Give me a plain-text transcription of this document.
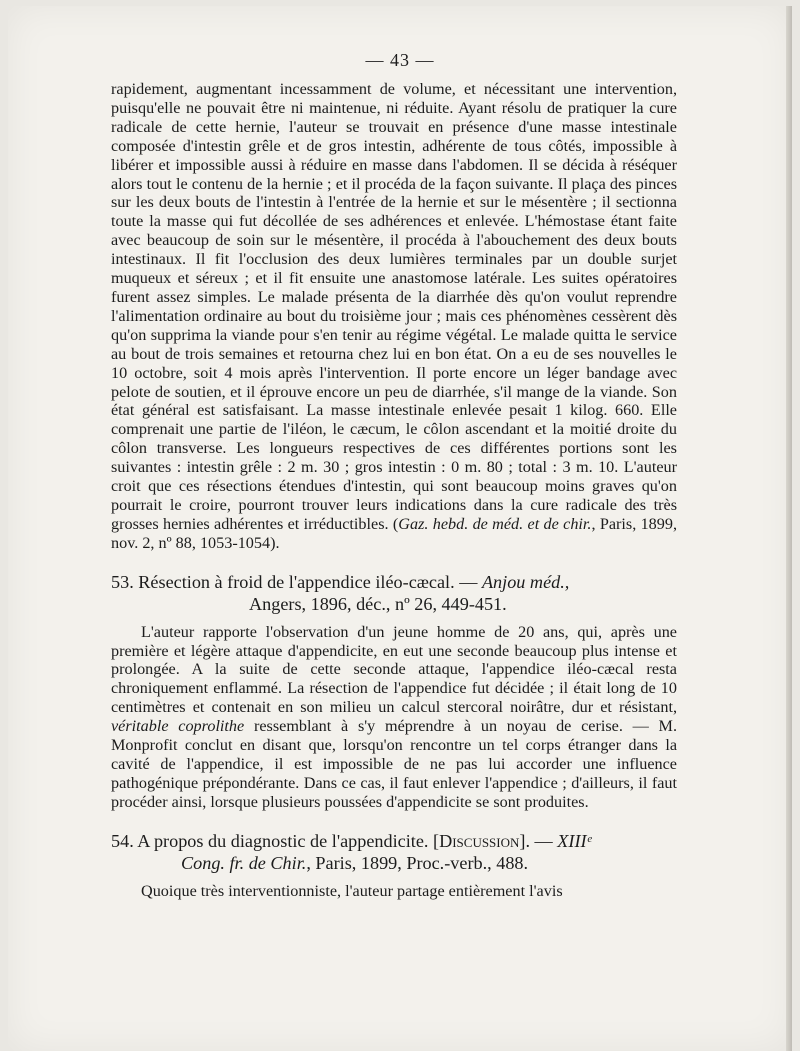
— 43 —

rapidement, augmentant incessamment de volume, et nécessitant une intervention, puisqu'elle ne pouvait être ni maintenue, ni réduite. Ayant résolu de pratiquer la cure radicale de cette hernie, l'auteur se trouvait en présence d'une masse intestinale composée d'intestin grêle et de gros intestin, adhérente de tous côtés, impossible à libérer et impossible aussi à réduire en masse dans l'abdomen. Il se décida à réséquer alors tout le contenu de la hernie ; et il procéda de la façon suivante. Il plaça des pinces sur les deux bouts de l'intestin à l'entrée de la hernie et sur le mésentère ; il sectionna toute la masse qui fut décollée de ses adhérences et enlevée. L'hémostase étant faite avec beaucoup de soin sur le mésentère, il procéda à l'abouchement des deux bouts intestinaux. Il fit l'occlusion des deux lumières terminales par un double surjet muqueux et séreux ; et il fit ensuite une anastomose latérale. Les suites opératoires furent assez simples. Le malade présenta de la diarrhée dès qu'on voulut reprendre l'alimentation ordinaire au bout du troisième jour ; mais ces phénomènes cessèrent dès qu'on supprima la viande pour s'en tenir au régime végétal. Le malade quitta le service au bout de trois semaines et retourna chez lui en bon état. On a eu de ses nouvelles le 10 octobre, soit 4 mois après l'intervention. Il porte encore un léger bandage avec pelote de soutien, et il éprouve encore un peu de diarrhée, s'il mange de la viande. Son état général est satisfaisant. La masse intestinale enlevée pesait 1 kilog. 660. Elle comprenait une partie de l'iléon, le cæcum, le côlon ascendant et la moitié droite du côlon transverse. Les longueurs respectives de ces différentes portions sont les suivantes : intestin grêle : 2 m. 30 ; gros intestin : 0 m. 80 ; total : 3 m. 10. L'auteur croit que ces résections étendues d'intestin, qui sont beaucoup moins graves qu'on pourrait le croire, pourront trouver leurs indications dans la cure radicale des très grosses hernies adhérentes et irréductibles. (Gaz. hebd. de méd. et de chir., Paris, 1899, nov. 2, nº 88, 1053-1054).

53. Résection à froid de l'appendice iléo-cæcal. — Anjou méd.,
Angers, 1896, déc., nº 26, 449-451.

L'auteur rapporte l'observation d'un jeune homme de 20 ans, qui, après une première et légère attaque d'appendicite, en eut une seconde beaucoup plus intense et prolongée. A la suite de cette seconde attaque, l'appendice iléo-cæcal resta chroniquement enflammé. La résection de l'appendice fut décidée ; il était long de 10 centimètres et contenait en son milieu un calcul stercoral noirâtre, dur et résistant, véritable coprolithe ressemblant à s'y méprendre à un noyau de cerise. — M. Monprofit conclut en disant que, lorsqu'on rencontre un tel corps étranger dans la cavité de l'appendice, il est impossible de ne pas lui accorder une influence pathogénique prépondérante. Dans ce cas, il faut enlever l'appendice ; d'ailleurs, il faut procéder ainsi, lorsque plusieurs poussées d'appendicite se sont produites.

54. A propos du diagnostic de l'appendicite. [Discussion]. — XIIIᵉ
Cong. fr. de Chir., Paris, 1899, Proc.-verb., 488.

Quoique très interventionniste, l'auteur partage entièrement l'avis
